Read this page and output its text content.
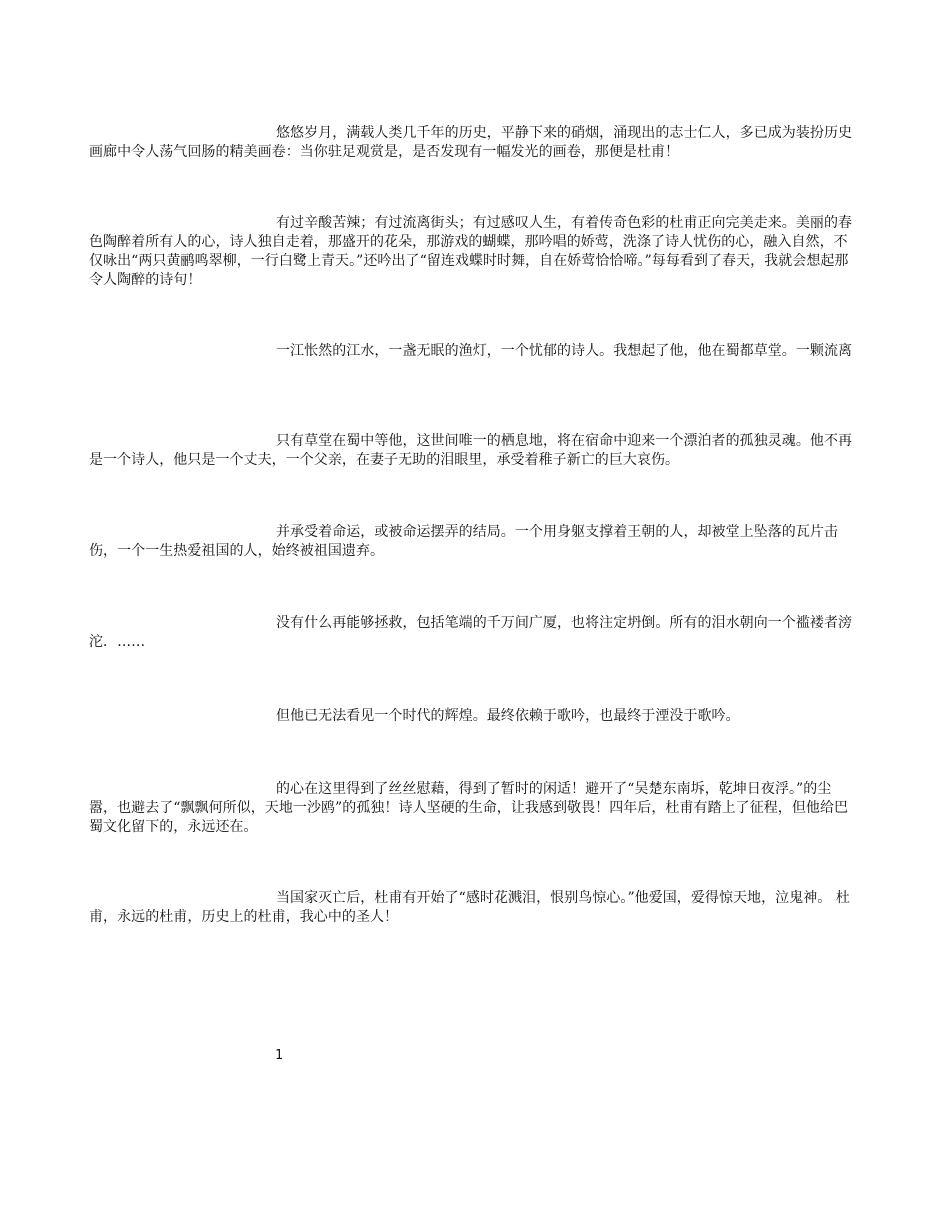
悠悠岁月，满载人类几千年的历史，平静下来的硝烟，涌现出的志士仁人，多已成为装扮历史画廊中令人荡气回肠的精美画卷：当你驻足观赏是，是否发现有一幅发光的画卷，那便是杜甫！

有过辛酸苦辣；有过流离街头；有过感叹人生，有着传奇色彩的杜甫正向完美走来。美丽的春色陶醉着所有人的心，诗人独自走着，那盛开的花朵，那游戏的蝴蝶，那吟唱的娇莺，洗涤了诗人忧伤的心，融入自然，不仅咏出“两只黄鹂鸣翠柳，一行白鹭上青天。”还吟出了“留连戏蝶时时舞，自在娇莺恰恰啼。”每每看到了春天，我就会想起那令人陶醉的诗句！

一江怅然的江水，一盏无眠的渔灯，一个忧郁的诗人。我想起了他，他在蜀都草堂。一颗流离

只有草堂在蜀中等他，这世间唯一的栖息地，将在宿命中迎来一个漂泊者的孤独灵魂。他不再是一个诗人，他只是一个丈夫，一个父亲，在妻子无助的泪眼里，承受着稚子新亡的巨大哀伤。

并承受着命运，或被命运摆弄的结局。一个用身躯支撑着王朝的人，却被堂上坠落的瓦片击伤，一个一生热爱祖国的人，始终被祖国遗弃。

没有什么再能够拯救，包括笔端的千万间广厦，也将注定坍倒。所有的泪水朝向一个褴褛者滂沱．……

但他已无法看见一个时代的辉煌。最终依赖于歌吟，也最终于湮没于歌吟。

的心在这里得到了丝丝慰藉，得到了暂时的闲适！避开了“吴楚东南坼，乾坤日夜浮。”的尘嚣，也避去了“飘飘何所似，天地一沙鸥”的孤独！诗人坚硬的生命，让我感到敬畏！四年后，杜甫有踏上了征程，但他给巴蜀文化留下的，永远还在。

当国家灭亡后，杜甫有开始了“感时花溅泪，恨别鸟惊心。”他爱国，爱得惊天地，泣鬼神。 杜甫，永远的杜甫，历史上的杜甫，我心中的圣人！

1
